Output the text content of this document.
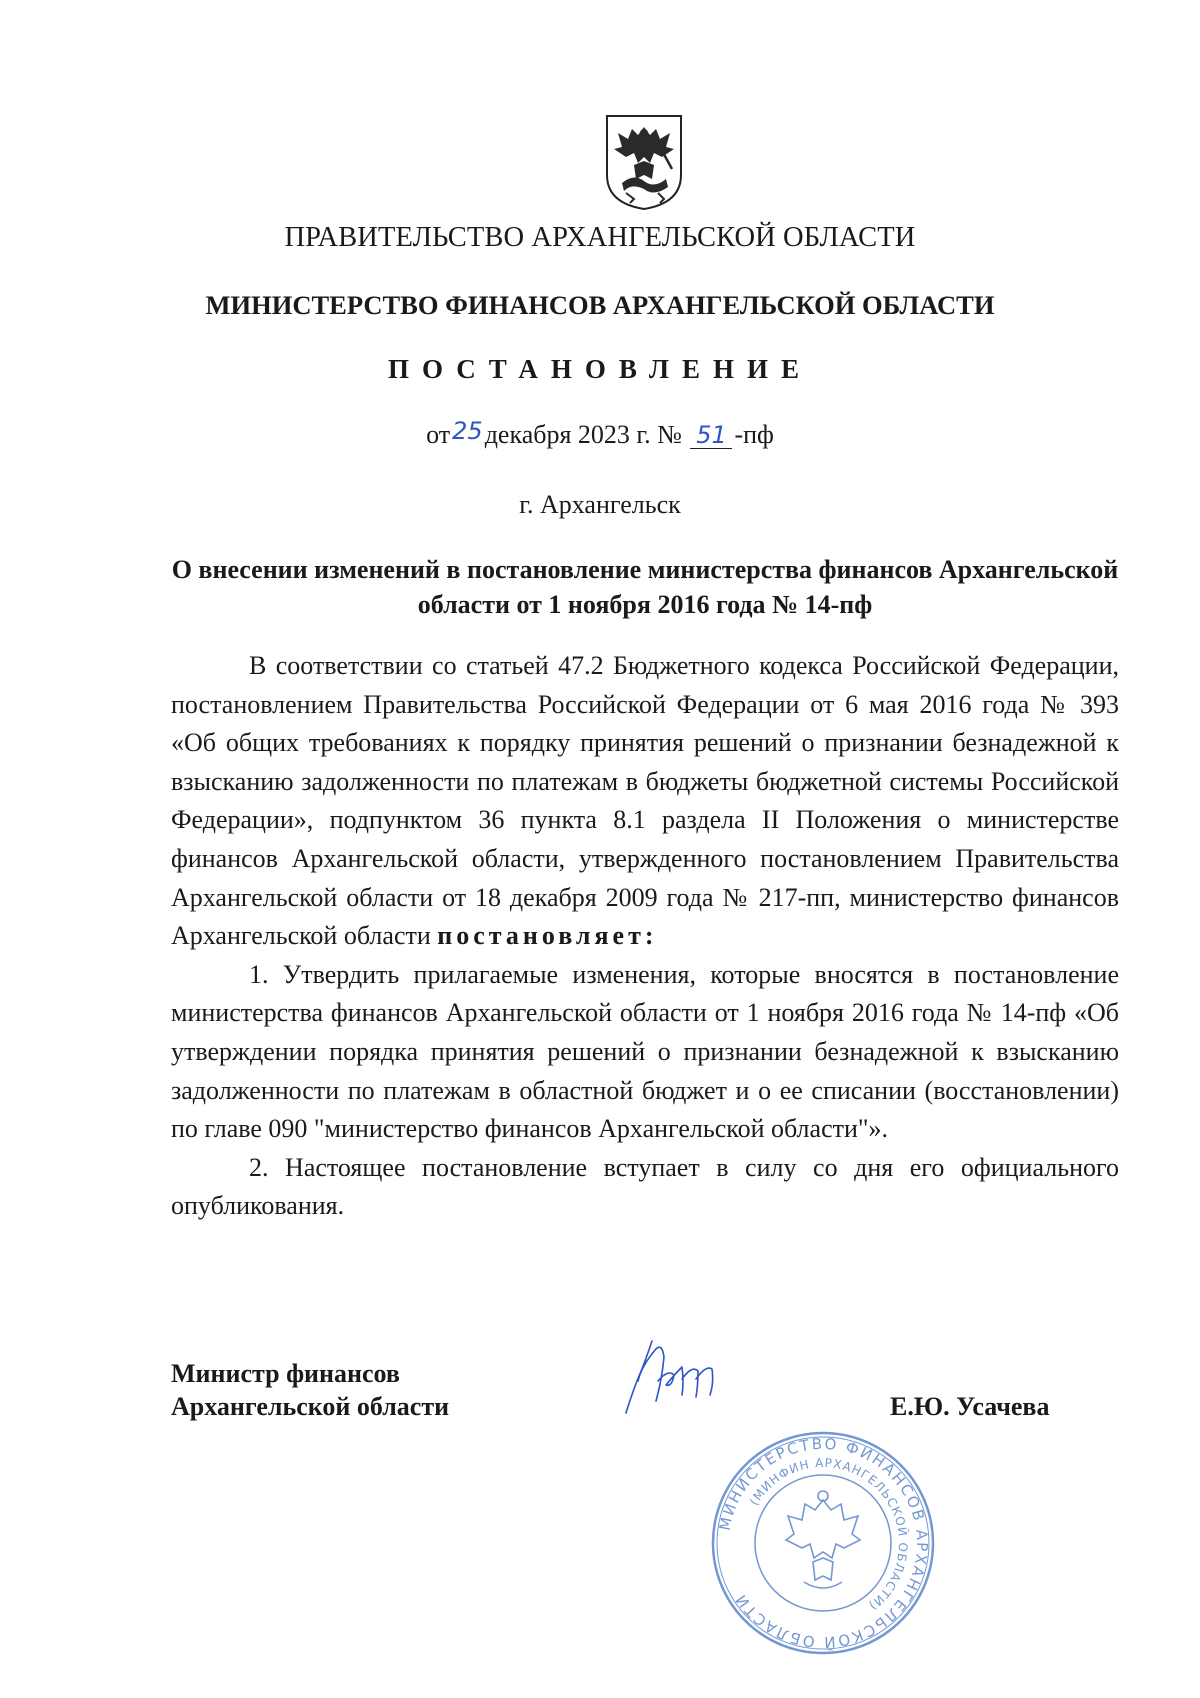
ПРАВИТЕЛЬСТВО АРХАНГЕЛЬСКОЙ ОБЛАСТИ
МИНИСТЕРСТВО ФИНАНСОВ АРХАНГЕЛЬСКОЙ ОБЛАСТИ
ПОСТАНОВЛЕНИЕ
от25декабря 2023 г. № 51 -пф
г. Архангельск
О внесении изменений в постановление министерства финансов Архангельской области от 1 ноября 2016 года № 14-пф

В соответствии со статьей 47.2 Бюджетного кодекса Российской Федерации, постановлением Правительства Российской Федерации от 6 мая 2016 года № 393 «Об общих требованиях к порядку принятия решений о признании безнадежной к взысканию задолженности по платежам в бюджеты бюджетной системы Российской Федерации», подпунктом 36 пункта 8.1 раздела II Положения о министерстве финансов Архангельской области, утвержденного постановлением Правительства Архангельской области от 18 декабря 2009 года № 217-пп, министерство финансов Архангельской области постановляет:

1. Утвердить прилагаемые изменения, которые вносятся в постановление министерства финансов Архангельской области от 1 ноября 2016 года № 14-пф «Об утверждении порядка принятия решений о признании безнадежной к взысканию задолженности по платежам в областной бюджет и о ее списании (восстановлении) по главе 090 "министерство финансов Архангельской области"».

2. Настоящее постановление вступает в силу со дня его официального опубликования.

Министр финансов
Архангельской области	Е.Ю. Усачева
МИНИСТЕРСТВО ФИНАНСОВ АРХАНГЕЛЬСКОЙ ОБЛАСТИ
(МИНФИН АРХАНГЕЛЬСКОЙ ОБЛАСТИ)
